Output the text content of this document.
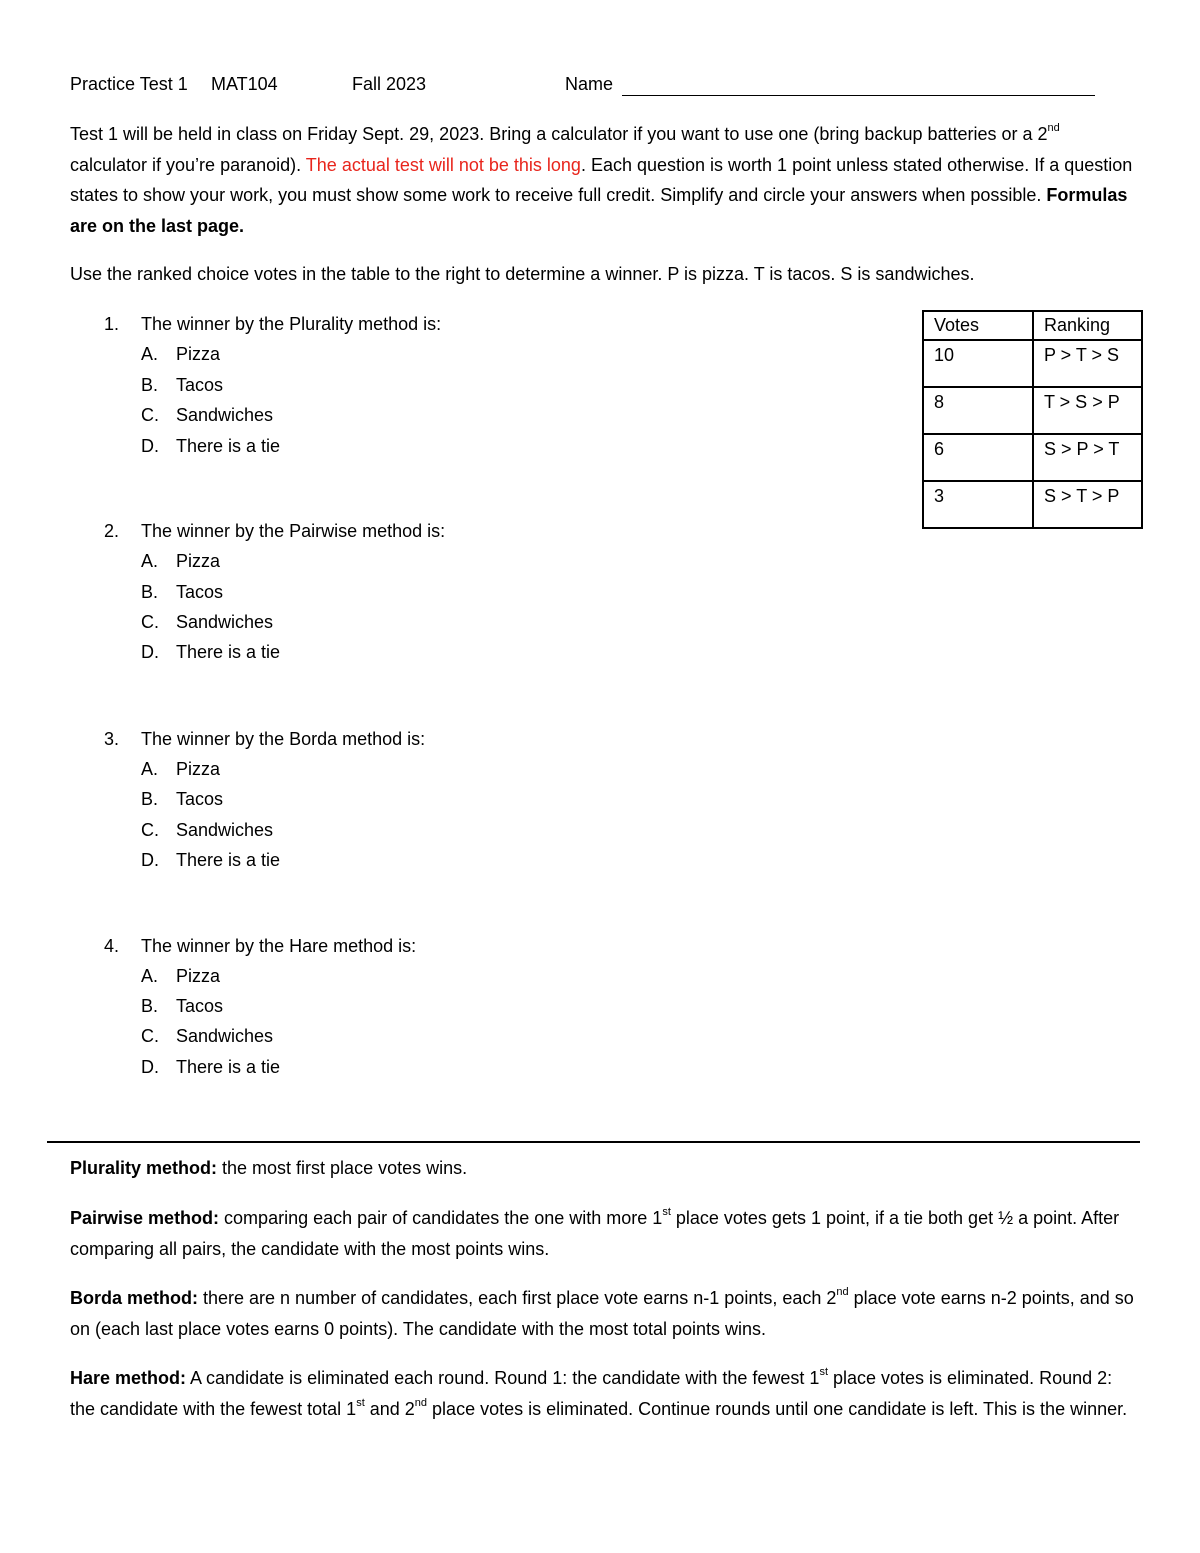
Practice Test 1 MAT104	Fall 2023	Name
Test 1 will be held in class on Friday Sept. 29, 2023. Bring a calculator if you want to use one (bring backup batteries or a 2nd calculator if you’re paranoid). The actual test will not be this long. Each question is worth 1 point unless stated otherwise. If a question states to show your work, you must show some work to receive full credit. Simplify and circle your answers when possible. Formulas are on the last page.
Use the ranked choice votes in the table to the right to determine a winner. P is pizza. T is tacos. S is sandwiches.
1. The winner by the Plurality method is:
A. Pizza
B. Tacos
C. Sandwiches
D. There is a tie
2. The winner by the Pairwise method is:
A. Pizza
B. Tacos
C. Sandwiches
D. There is a tie
3. The winner by the Borda method is:
A. Pizza
B. Tacos
C. Sandwiches
D. There is a tie
4. The winner by the Hare method is:
A. Pizza
B. Tacos
C. Sandwiches
D. There is a tie
Votes	Ranking
10	P > T > S
8	T > S > P
6	S > P > T
3	S > T > P
Plurality method: the most first place votes wins.
Pairwise method: comparing each pair of candidates the one with more 1st place votes gets 1 point, if a tie both get ½ a point. After comparing all pairs, the candidate with the most points wins.
Borda method: there are n number of candidates, each first place vote earns n-1 points, each 2nd place vote earns n-2 points, and so on (each last place votes earns 0 points). The candidate with the most total points wins.
Hare method: A candidate is eliminated each round. Round 1: the candidate with the fewest 1st place votes is eliminated. Round 2: the candidate with the fewest total 1st and 2nd place votes is eliminated. Continue rounds until one candidate is left. This is the winner.
